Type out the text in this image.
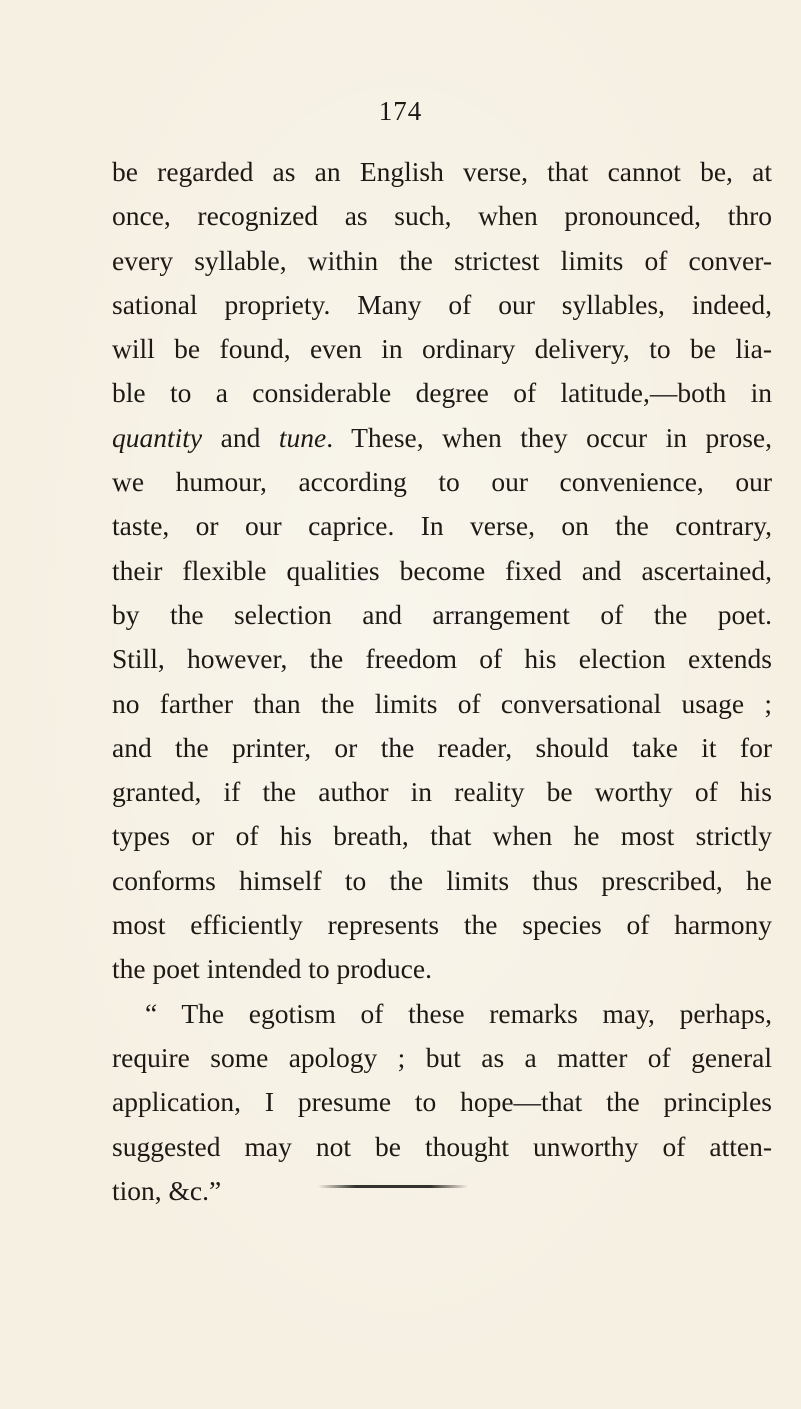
174
be regarded as an English verse, that cannot be, at
once, recognized as such, when pronounced, thro
every syllable, within the strictest limits of conver-
sational propriety. Many of our syllables, indeed,
will be found, even in ordinary delivery, to be lia-
ble to a considerable degree of latitude,—both in
quantity and tune. These, when they occur in prose,
we humour, according to our convenience, our
taste, or our caprice. In verse, on the contrary,
their flexible qualities become fixed and ascertained,
by the selection and arrangement of the poet.
Still, however, the freedom of his election extends
no farther than the limits of conversational usage ;
and the printer, or the reader, should take it for
granted, if the author in reality be worthy of his
types or of his breath, that when he most strictly
conforms himself to the limits thus prescribed, he
most efficiently represents the species of harmony
the poet intended to produce.
“ The egotism of these remarks may, perhaps,
require some apology ; but as a matter of general
application, I presume to hope—that the principles
suggested may not be thought unworthy of atten-
tion, &c.”
